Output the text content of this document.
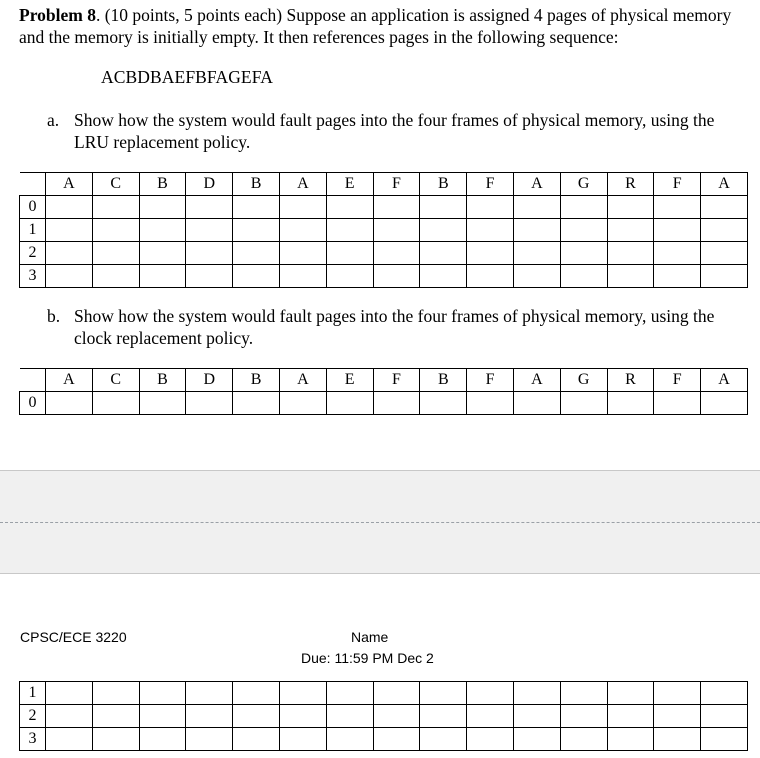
Problem 8. (10 points, 5 points each) Suppose an application is assigned 4 pages of physical memory and the memory is initially empty. It then references pages in the following sequence:
ACBDBAEFBFAGEFA
a. Show how the system would fault pages into the four frames of physical memory, using the LRU replacement policy.
	A	C	B	D	B	A	E	F	B	F	A	G	R	F	A
0															
1															
2															
3															
b. Show how the system would fault pages into the four frames of physical memory, using the clock replacement policy.
	A	C	B	D	B	A	E	F	B	F	A	G	R	F	A
0															
CPSC/ECE 3220	Name
Due: 11:59 PM Dec 2
1															
2															
3															
